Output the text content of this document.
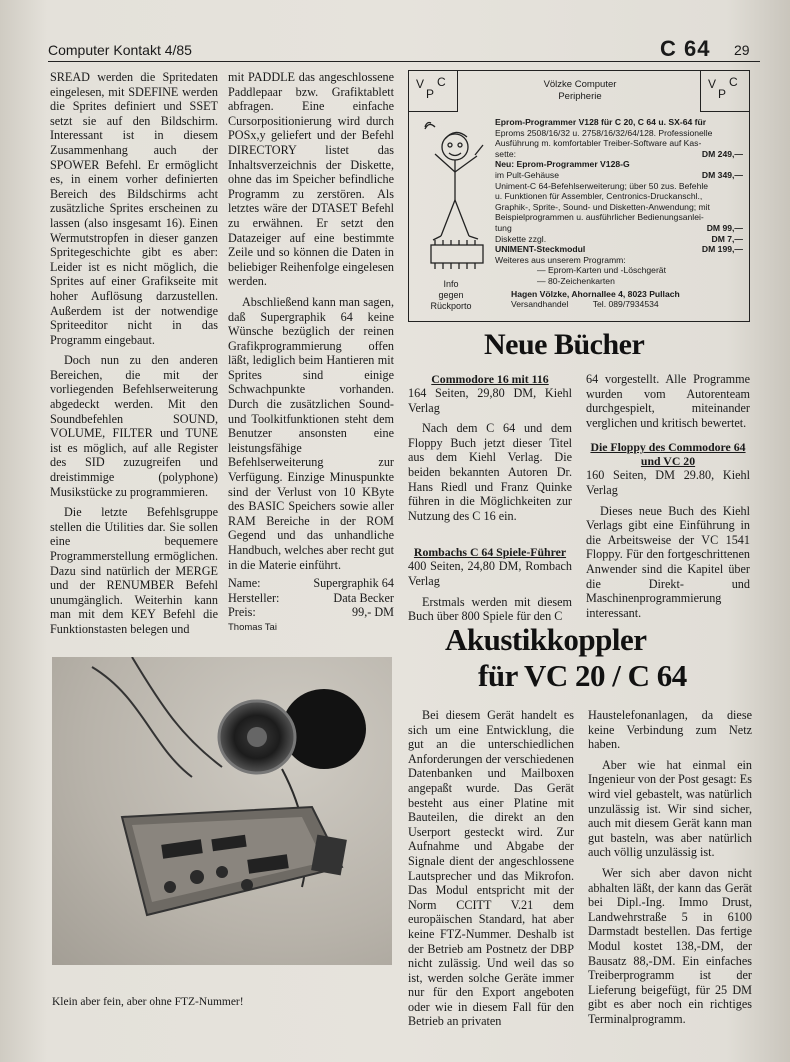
Computer Kontakt 4/85	C 64 29

SREAD werden die Spritedaten eingelesen, mit SDEFINE werden die Sprites definiert und SSET setzt sie auf den Bildschirm. Interessant ist in diesem Zusammenhang auch der SPOWER Befehl. Er ermöglicht es, in einem vorher definierten Bereich des Bildschirms acht zusätzliche Sprites erscheinen zu lassen (also insgesamt 16). Einen Wermutstropfen in dieser ganzen Spritegeschichte gibt es aber: Leider ist es nicht möglich, die Sprites auf einer Grafikseite mit hoher Auflösung darzustellen. Außerdem ist der notwendige Spriteeditor nicht in das Programm eingebaut.

Doch nun zu den anderen Bereichen, die mit der vorliegenden Befehlserweiterung abgedeckt werden. Mit den Soundbefehlen SOUND, VOLUME, FILTER und TUNE ist es möglich, auf alle Register des SID zuzugreifen und dreistimmige (polyphone) Musikstücke zu programmieren.

Die letzte Befehlsgruppe stellen die Utilities dar. Sie sollen eine bequemere Programmerstellung ermöglichen. Dazu sind natürlich der MERGE und der RENUMBER Befehl unumgänglich. Weiterhin kann man mit dem KEY Befehl die Funktionstasten belegen und

mit PADDLE das angeschlossene Paddlepaar bzw. Grafiktablett abfragen. Eine einfache Cursorpositionierung wird durch POSx,y geliefert und der Befehl DIRECTORY listet das Inhaltsverzeichnis der Diskette, ohne das im Speicher befindliche Programm zu zerstören. Als letztes wäre der DTASET Befehl zu erwähnen. Er setzt den Datazeiger auf eine bestimmte Zeile und so können die Daten in beliebiger Reihenfolge eingelesen werden.

Abschließend kann man sagen, daß Supergraphik 64 keine Wünsche bezüglich der reinen Grafikprogrammierung offen läßt, lediglich beim Hantieren mit Sprites sind einige Schwachpunkte vorhanden. Durch die zusätzlichen Sound- und Toolkitfunktionen steht dem Benutzer ansonsten eine leistungsfähige Befehlserweiterung zur Verfügung. Einzige Minuspunkte sind der Verlust von 10 KByte des BASIC Speichers sowie aller RAM Bereiche in der ROM Gegend und das unhandliche Handbuch, welches aber recht gut in die Materie einführt.

Name:	Supergraphik 64
Hersteller:	Data Becker
Preis:	99,- DM
Thomas Tai
V
P
C	Völzke Computer
Peripherie
V
P
C
Eprom-Programmer V128 für C 20, C 64 u. SX-64 für
Eproms 2508/16/32 u. 2758/16/32/64/128. Professionelle
Ausführung m. komfortabler Treiber-Software auf Kas-
sette:	DM 249,—
Neu: Eprom-Programmer V128-G
im Pult-Gehäuse	DM 349,—
Uniment-C 64-Befehlserweiterung; über 50 zus. Befehle
u. Funktionen für Assembler, Centronics-Druckanschl.,
Graphik-, Sprite-, Sound- und Disketten-Anwendung; mit
Beispielprogrammen u. ausführlicher Bedienungsanlei-
tung	DM 99,—
Diskette zzgl.	DM 7,—
UNIMENT-Steckmodul	DM 199,—
Weiteres aus unserem Programm:
— Eprom-Karten und -Löschgerät
— 80-Zeichenkarten
Hagen Völzke, Ahornallee 4, 8023 Pullach
Versandhandel	Tel. 089/7934534
Info
gegen
Rückporto
Neue Bücher
Commodore 16 mit 116

164 Seiten, 29,80 DM, Kiehl Verlag

Nach dem C 64 und dem Floppy Buch jetzt dieser Titel aus dem Kiehl Verlag. Die beiden bekannten Autoren Dr. Hans Riedl und Franz Quinke führen in die Möglichkeiten zur Nutzung des C 16 ein.

Rombachs C 64 Spiele-Führer

400 Seiten, 24,80 DM, Rombach Verlag

Erstmals werden mit diesem Buch über 800 Spiele für den C

64 vorgestellt. Alle Programme wurden vom Autorenteam durchgespielt, miteinander verglichen und kritisch bewertet.

Die Floppy des Commodore 64 und VC 20

160 Seiten, DM 29.80, Kiehl Verlag

Dieses neue Buch des Kiehl Verlags gibt eine Einführung in die Arbeitsweise der VC 1541 Floppy. Für den fortgeschrittenen Anwender sind die Kapitel über die Direkt- und Maschinenprogrammierung interessant.

Akustikkoppler
für VC 20 / C 64

Bei diesem Gerät handelt es sich um eine Entwicklung, die gut an die unterschiedlichen Anforderungen der verschiedenen Datenbanken und Mailboxen angepaßt wurde. Das Gerät besteht aus einer Platine mit Bauteilen, die direkt an den Userport gesteckt wird. Zur Aufnahme und Abgabe der Signale dient der angeschlossene Lautsprecher und das Mikrofon. Das Modul entspricht mit der Norm CCITT V.21 dem europäischen Standard, hat aber keine FTZ-Nummer. Deshalb ist der Betrieb am Postnetz der DBP nicht zulässig. Und weil das so ist, werden solche Geräte immer nur für den Export angeboten oder wie in diesem Fall für den Betrieb an privaten

Haustelefonanlagen, da diese keine Verbindung zum Netz haben.

Aber wie hat einmal ein Ingenieur von der Post gesagt: Es wird viel gebastelt, was natürlich unzulässig ist. Wir sind sicher, auch mit diesem Gerät kann man gut basteln, was aber natürlich auch völlig unzulässig ist.

Wer sich aber davon nicht abhalten läßt, der kann das Gerät bei Dipl.-Ing. Immo Drust, Landwehrstraße 5 in 6100 Darmstadt bestellen. Das fertige Modul kostet 138,-DM, der Bausatz 88,-DM. Ein einfaches Treiberprogramm ist der Lieferung beigefügt, für 25 DM gibt es aber noch ein richtiges Terminalprogramm.

Klein aber fein, aber ohne FTZ-Nummer!
